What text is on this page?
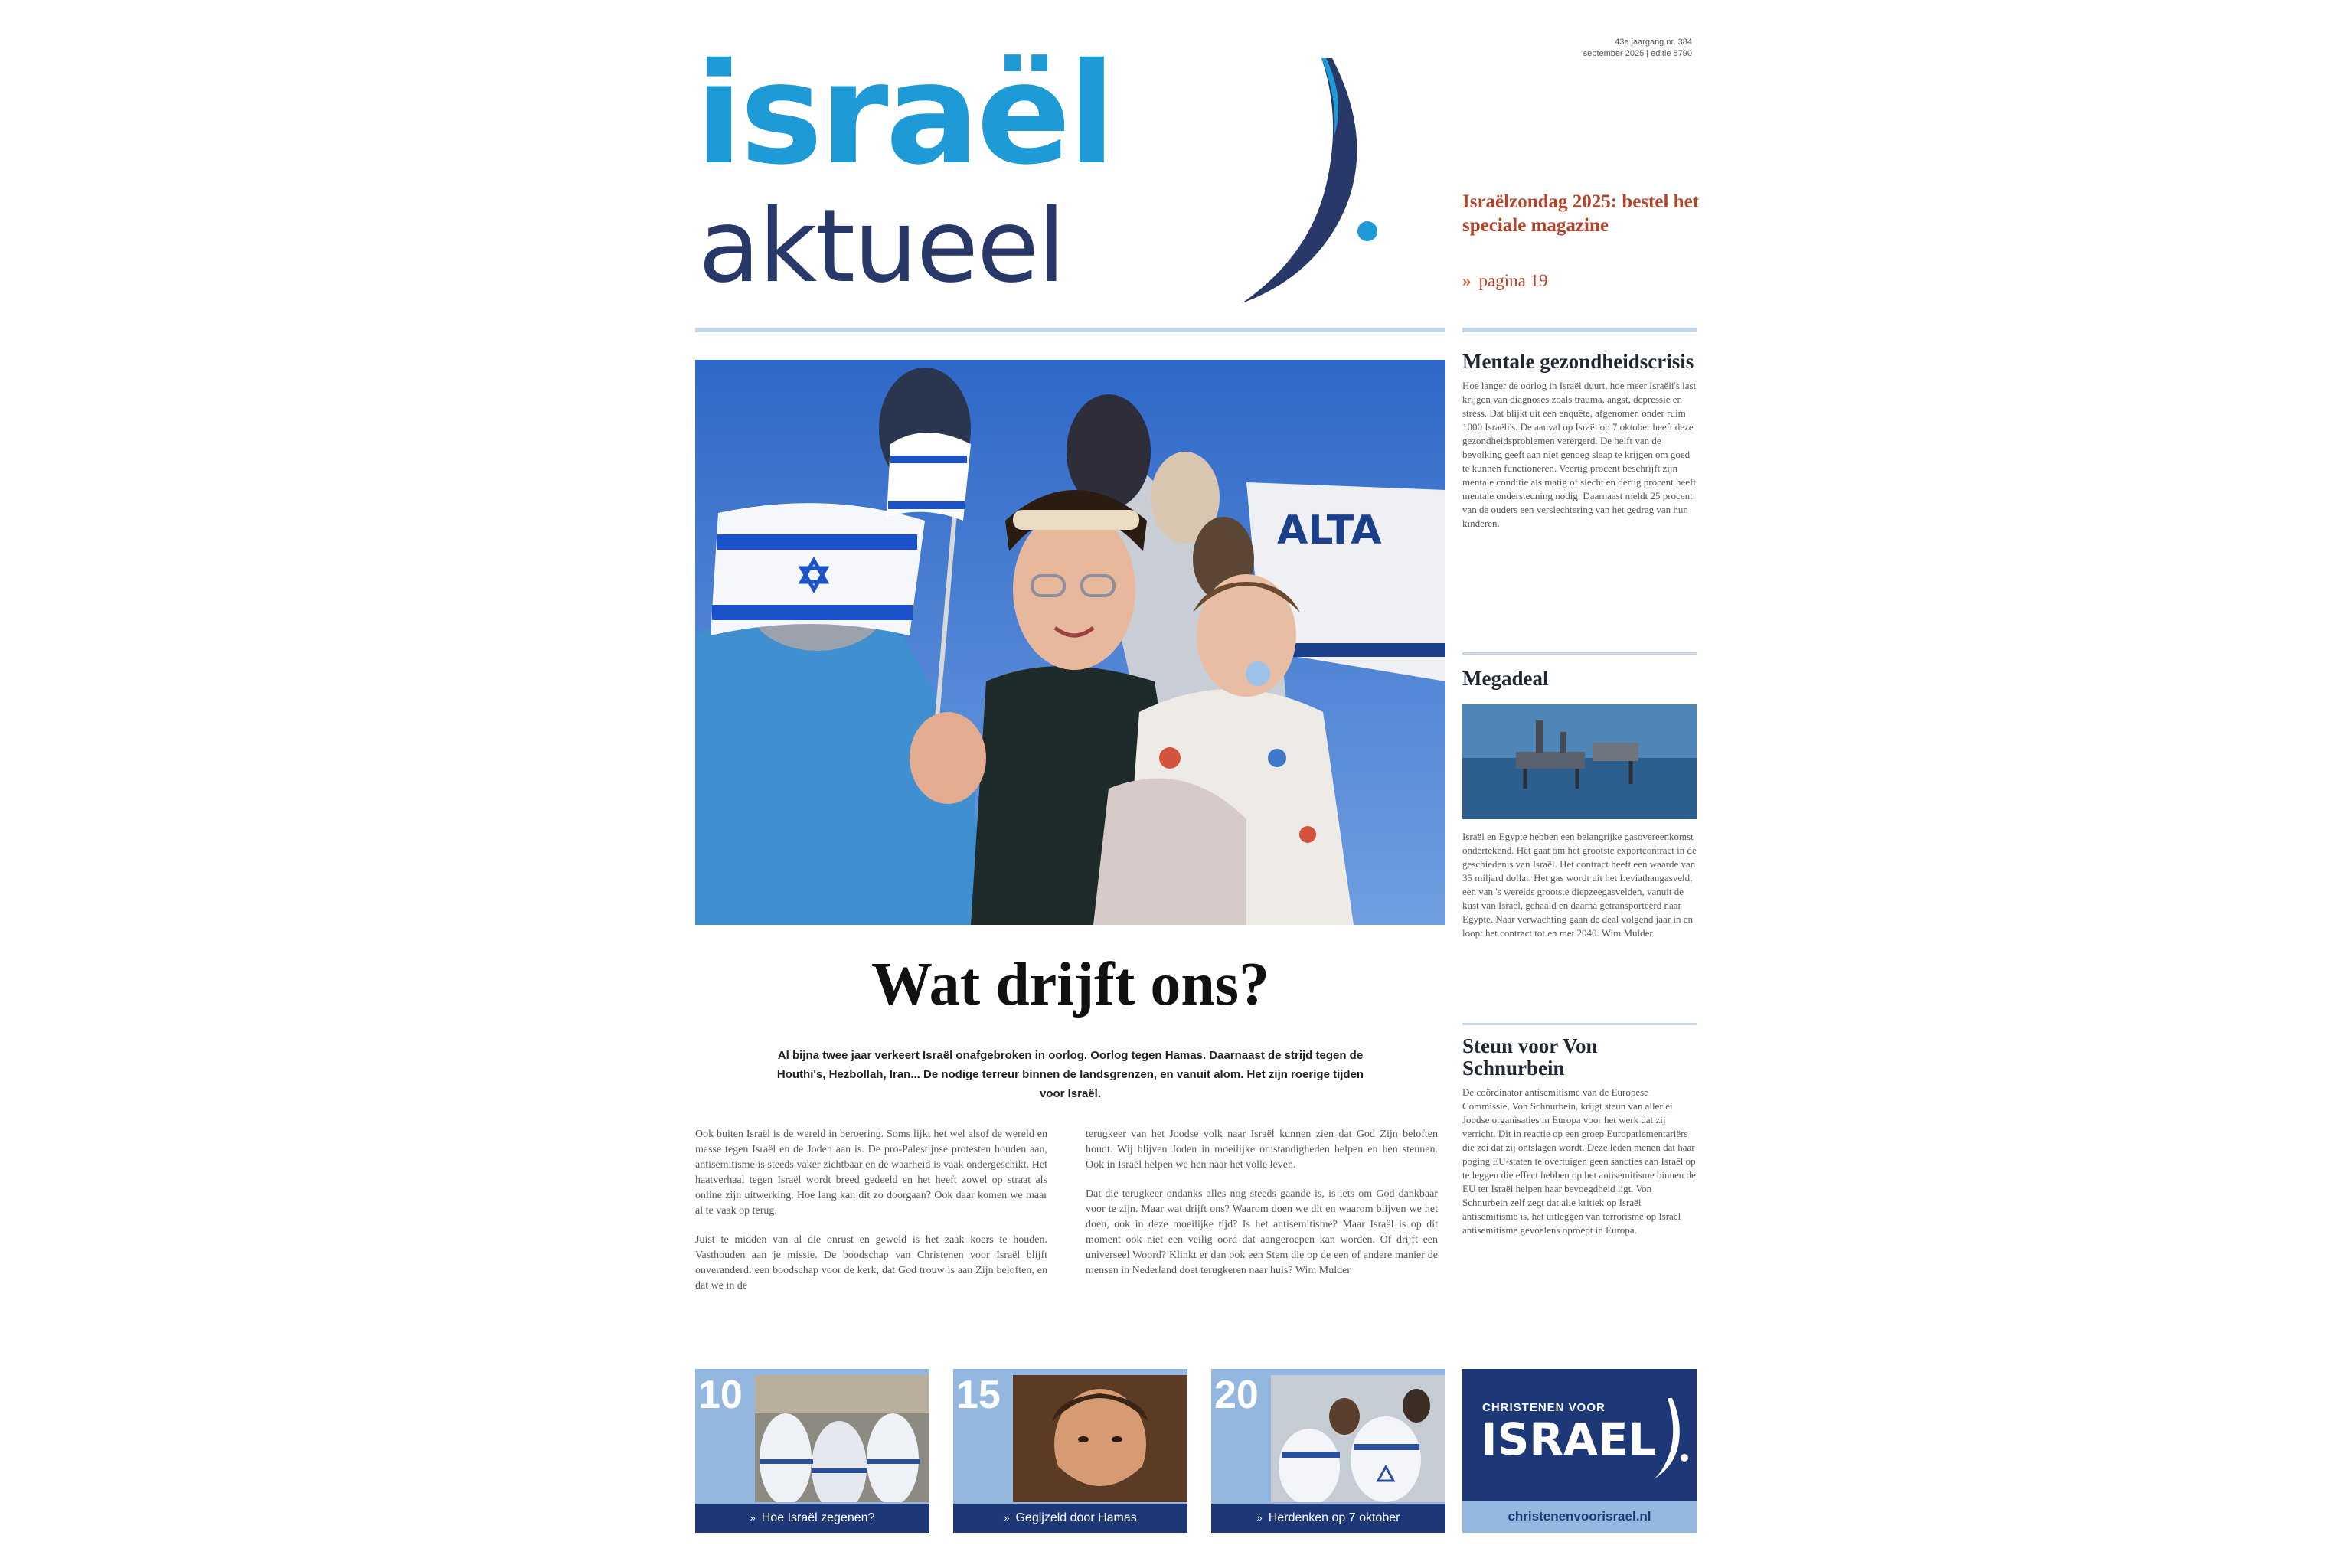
israël
aktueel
43e jaargang nr. 384
september 2025 | editie 5790
Israëlzondag 2025: bestel het speciale magazine
» pagina 19
ALTA
Wat drijft ons?
Al bijna twee jaar verkeert Israël onafgebroken in oorlog. Oorlog tegen Hamas. Daarnaast de strijd tegen de Houthi's, Hezbollah, Iran... De nodige terreur binnen de landsgrenzen, en vanuit alom. Het zijn roerige tijden voor Israël.

Ook buiten Israël is de wereld in beroering. Soms lijkt het wel alsof de wereld en masse tegen Israël en de Joden aan is. De pro-Palestijnse protesten houden aan, antisemitisme is steeds vaker zichtbaar en de waarheid is vaak ondergeschikt. Het haatverhaal tegen Israël wordt breed gedeeld en het heeft zowel op straat als online zijn uitwerking. Hoe lang kan dit zo doorgaan? Ook daar komen we maar al te vaak op terug.

Juist te midden van al die onrust en geweld is het zaak koers te houden. Vasthouden aan je missie. De boodschap van Christenen voor Israël blijft onveranderd: een boodschap voor de kerk, dat God trouw is aan Zijn beloften, en dat we in de

terugkeer van het Joodse volk naar Israël kunnen zien dat God Zijn beloften houdt. Wij blijven Joden in moeilijke omstandigheden helpen en hen steunen. Ook in Israël helpen we hen naar het volle leven.

Dat die terugkeer ondanks alles nog steeds gaande is, is iets om God dankbaar voor te zijn. Maar wat drijft ons? Waarom doen we dit en waarom blijven we het doen, ook in deze moeilijke tijd? Is het antisemitisme? Maar Israël is op dit moment ook niet een veilig oord dat aangeroepen kan worden. Of drijft een universeel Woord? Klinkt er dan ook een Stem die op de een of andere manier de mensen in Nederland doet terugkeren naar huis? Wim Mulder

Mentale gezondheidscrisis

Hoe langer de oorlog in Israël duurt, hoe meer Israëli's last krijgen van diagnoses zoals trauma, angst, depressie en stress. Dat blijkt uit een enquête, afgenomen onder ruim 1000 Israëli's. De aanval op Israël op 7 oktober heeft deze gezondheidsproblemen verergerd. De helft van de bevolking geeft aan niet genoeg slaap te krijgen om goed te kunnen functioneren. Veertig procent beschrijft zijn mentale conditie als matig of slecht en dertig procent heeft mentale ondersteuning nodig. Daarnaast meldt 25 procent van de ouders een verslechtering van het gedrag van hun kinderen.

Megadeal

Israël en Egypte hebben een belangrijke gasovereenkomst ondertekend. Het gaat om het grootste exportcontract in de geschiedenis van Israël. Het contract heeft een waarde van 35 miljard dollar. Het gas wordt uit het Leviathangasveld, een van 's werelds grootste diepzeegasvelden, vanuit de kust van Israël, gehaald en daarna getransporteerd naar Egypte. Naar verwachting gaan de deal volgend jaar in en loopt het contract tot en met 2040. Wim Mulder

Steun voor Von Schnurbein

De coördinator antisemitisme van de Europese Commissie, Von Schnurbein, krijgt steun van allerlei Joodse organisaties in Europa voor het werk dat zij verricht. Dit in reactie op een groep Europarlementariërs die zei dat zij ontslagen wordt. Deze leden menen dat haar poging EU-staten te overtuigen geen sancties aan Israël op te leggen die effect hebben op het antisemitisme binnen de EU ter Israël helpen haar bevoegdheid ligt. Von Schnurbein zelf zegt dat alle kritiek op Israël antisemitisme is, het uitleggen van terrorisme op Israël antisemitisme gevoelens oproept in Europa.

10
» Hoe Israël zegenen?
15
» Gegijzeld door Hamas
20
» Herdenken op 7 oktober
CHRISTENEN VOOR
ISRAEL
christenenvoorisrael.nl
